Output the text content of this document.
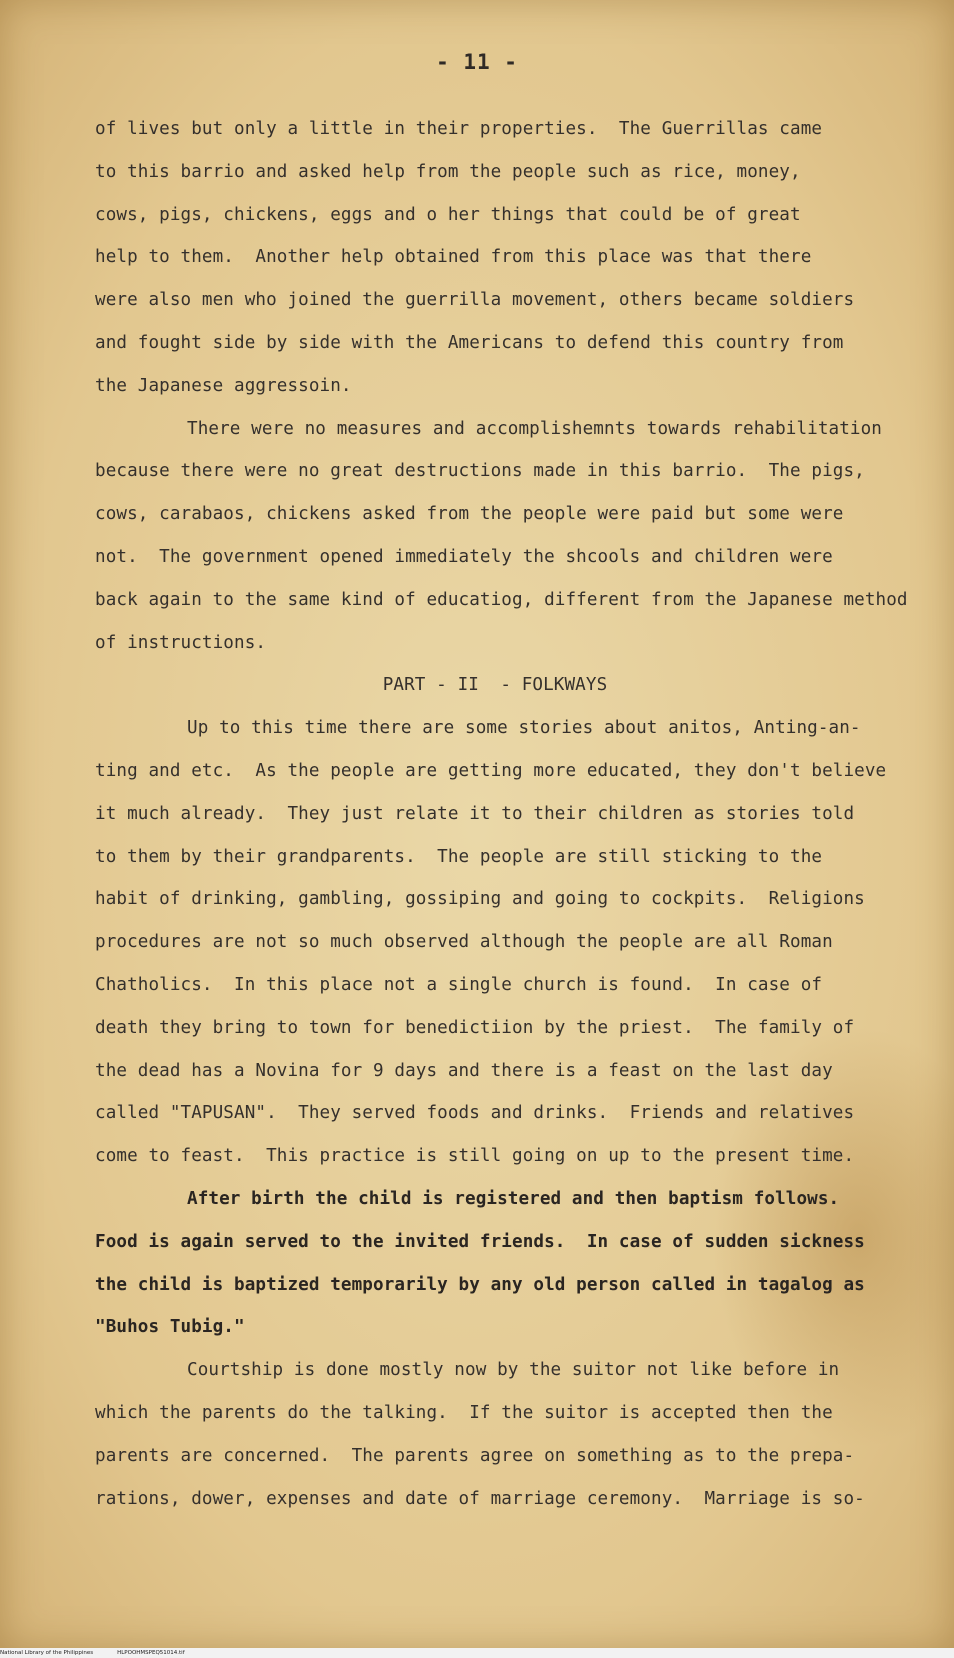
- 11 -
of lives but only a little in their properties.  The Guerrillas came
to this barrio and asked help from the people such as rice, money,
cows, pigs, chickens, eggs and o her things that could be of great
help to them.  Another help obtained from this place was that there
were also men who joined the guerrilla movement, others became soldiers
and fought side by side with the Americans to defend this country from
the Japanese aggressoin.
There were no measures and accomplishemnts towards rehabilitation
because there were no great destructions made in this barrio.  The pigs,
cows, carabaos, chickens asked from the people were paid but some were
not.  The government opened immediately the shcools and children were
back again to the same kind of educatiog, different from the Japanese method
of instructions.
PART - II  - FOLKWAYS
Up to this time there are some stories about anitos, Anting-an-
ting and etc.  As the people are getting more educated, they don't believe
it much already.  They just relate it to their children as stories told
to them by their grandparents.  The people are still sticking to the
habit of drinking, gambling, gossiping and going to cockpits.  Religions
procedures are not so much observed although the people are all Roman
Chatholics.  In this place not a single church is found.  In case of
death they bring to town for benedictiion by the priest.  The family of
the dead has a Novina for 9 days and there is a feast on the last day
called "TAPUSAN".  They served foods and drinks.  Friends and relatives
come to feast.  This practice is still going on up to the present time.
After birth the child is registered and then baptism follows.
Food is again served to the invited friends.  In case of sudden sickness
the child is baptized temporarily by any old person called in tagalog as
"Buhos Tubig."
Courtship is done mostly now by the suitor not like before in
which the parents do the talking.  If the suitor is accepted then the
parents are concerned.  The parents agree on something as to the prepa-
rations, dower, expenses and date of marriage ceremony.  Marriage is so-
National Library of the Philippines	HLPOOHMSPEQ51014.tif
